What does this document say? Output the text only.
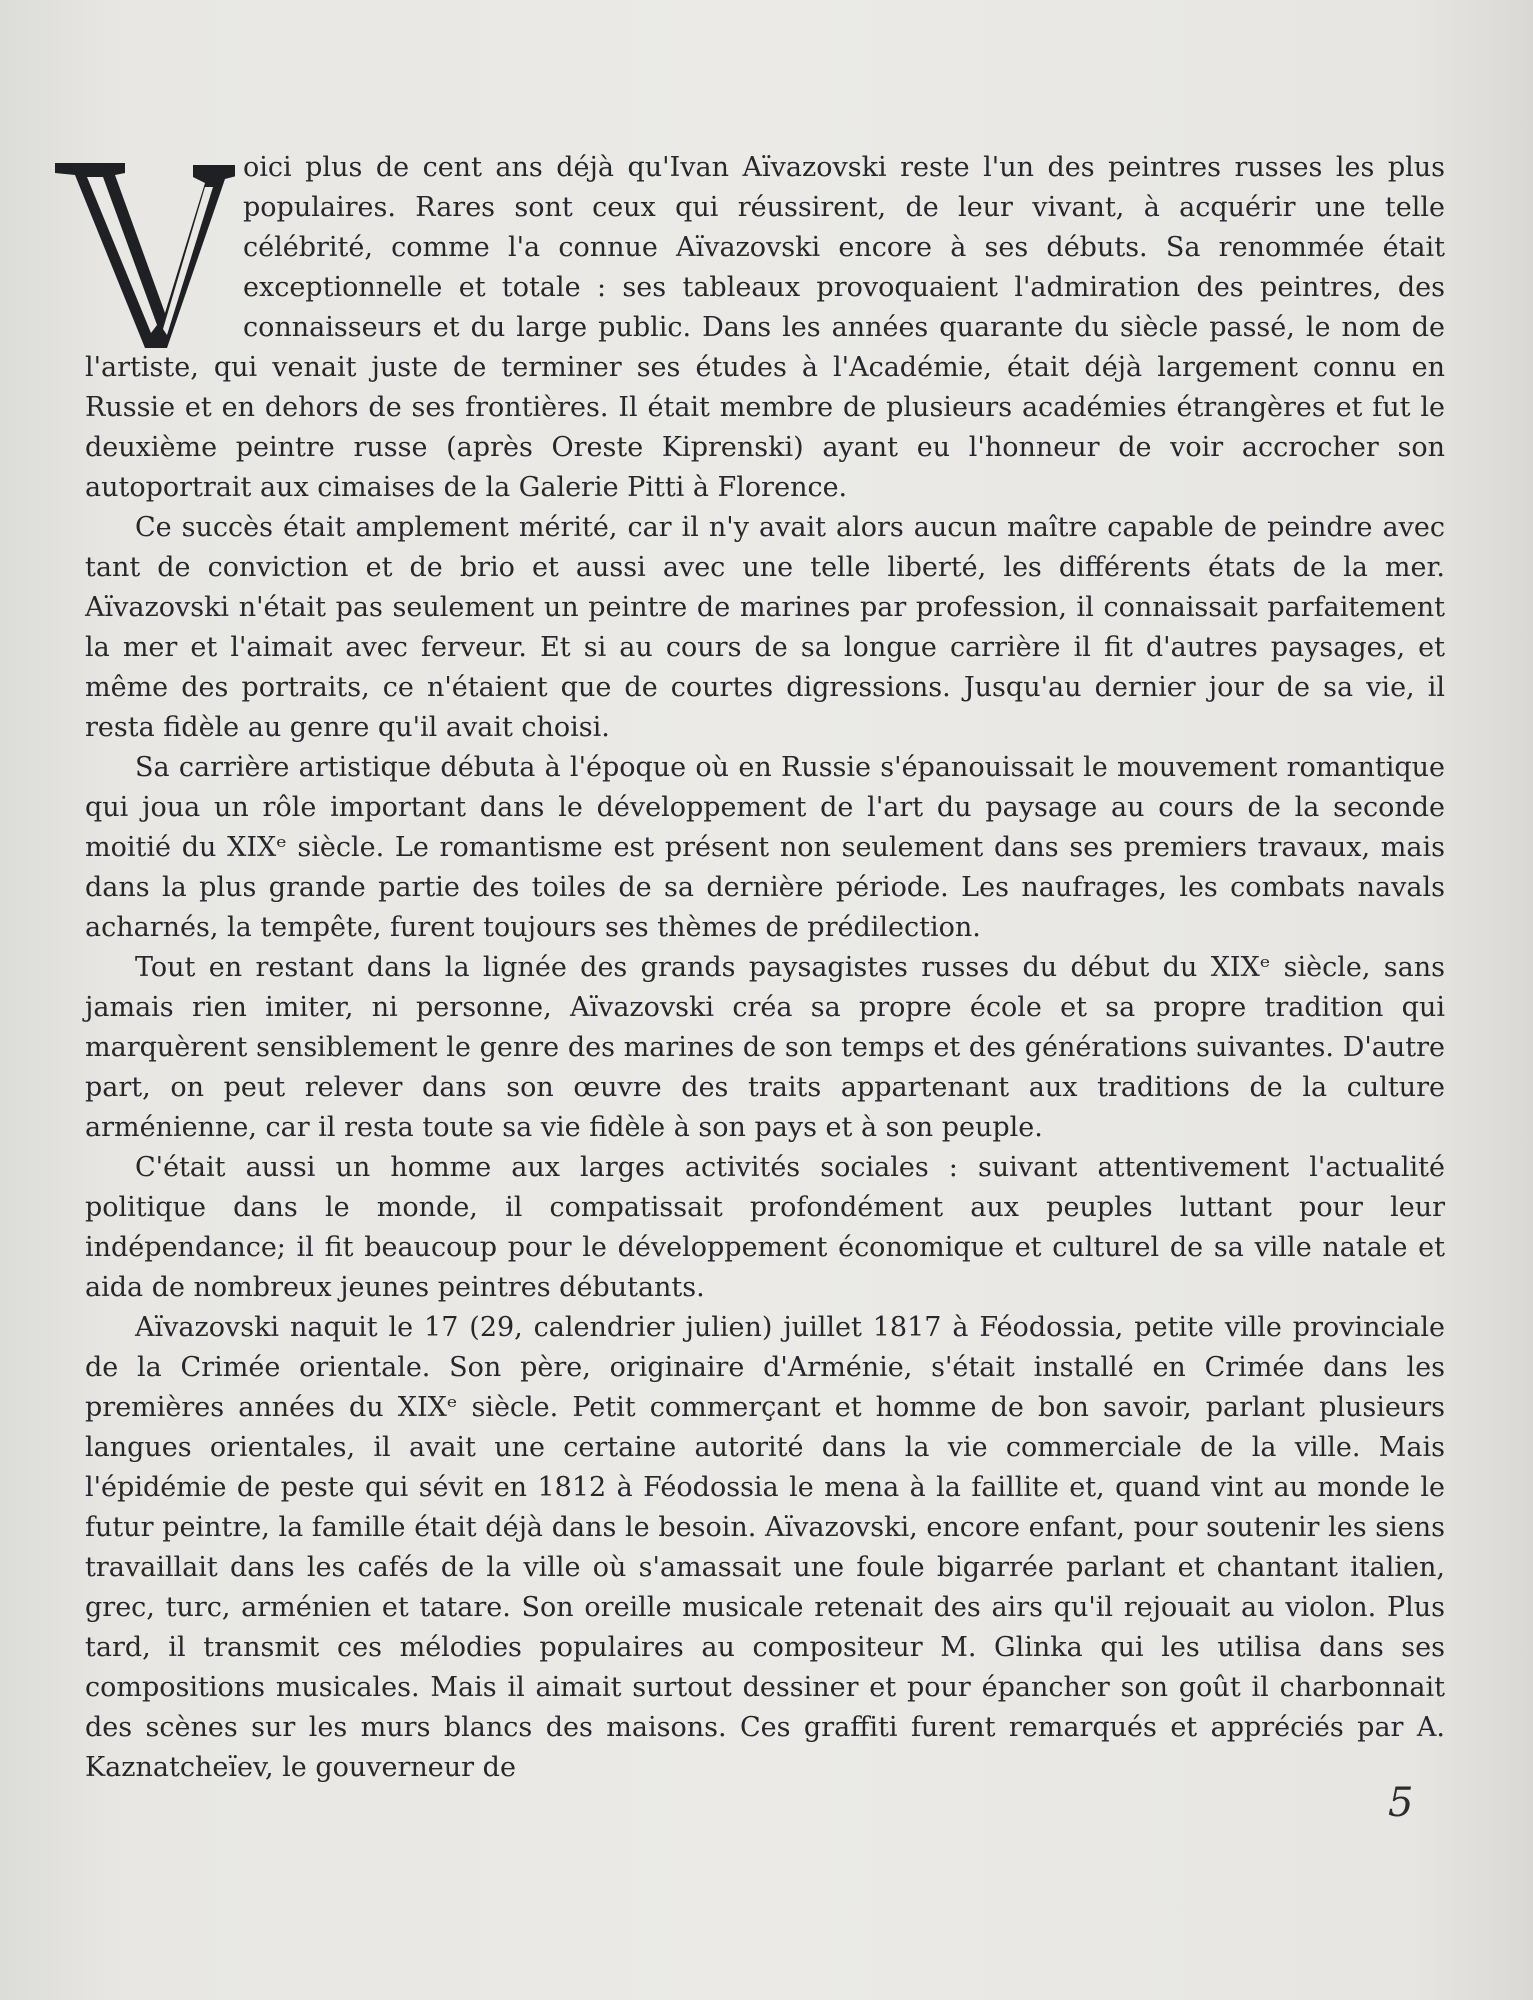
oici plus de cent ans déjà qu'Ivan Aïvazovski reste l'un des peintres russes les plus populaires. Rares sont ceux qui réussirent, de leur vivant, à acquérir une telle célébrité, comme l'a connue Aïvazovski encore à ses débuts. Sa renommée était exceptionnelle et totale : ses tableaux provoquaient l'admiration des peintres, des connaisseurs et du large public. Dans les années quarante du siècle passé, le nom de l'artiste, qui venait juste de terminer ses études à l'Académie, était déjà largement connu en Russie et en dehors de ses frontières. Il était membre de plusieurs académies étrangères et fut le deuxième peintre russe (après Oreste Kiprenski) ayant eu l'honneur de voir accrocher son autoportrait aux cimaises de la Galerie Pitti à Florence.

Ce succès était amplement mérité, car il n'y avait alors aucun maître capable de peindre avec tant de conviction et de brio et aussi avec une telle liberté, les différents états de la mer. Aïvazovski n'était pas seulement un peintre de marines par profession, il connaissait parfaitement la mer et l'aimait avec ferveur. Et si au cours de sa longue carrière il fit d'autres paysages, et même des portraits, ce n'étaient que de courtes digressions. Jusqu'au dernier jour de sa vie, il resta fidèle au genre qu'il avait choisi.

Sa carrière artistique débuta à l'époque où en Russie s'épanouissait le mouvement romantique qui joua un rôle important dans le développement de l'art du paysage au cours de la seconde moitié du XIXᵉ siècle. Le romantisme est présent non seulement dans ses premiers travaux, mais dans la plus grande partie des toiles de sa dernière période. Les naufrages, les combats navals acharnés, la tempête, furent toujours ses thèmes de prédilection.

Tout en restant dans la lignée des grands paysagistes russes du début du XIXᵉ siècle, sans jamais rien imiter, ni personne, Aïvazovski créa sa propre école et sa propre tradition qui marquèrent sensiblement le genre des marines de son temps et des générations suivantes. D'autre part, on peut relever dans son œuvre des traits appartenant aux traditions de la culture arménienne, car il resta toute sa vie fidèle à son pays et à son peuple.

C'était aussi un homme aux larges activités sociales : suivant attentivement l'actualité politique dans le monde, il compatissait profondément aux peuples luttant pour leur indépendance; il fit beaucoup pour le développement économique et culturel de sa ville natale et aida de nombreux jeunes peintres débutants.

Aïvazovski naquit le 17 (29, calendrier julien) juillet 1817 à Féodossia, petite ville provinciale de la Crimée orientale. Son père, originaire d'Arménie, s'était installé en Crimée dans les premières années du XIXᵉ siècle. Petit commerçant et homme de bon savoir, parlant plusieurs langues orientales, il avait une certaine autorité dans la vie commerciale de la ville. Mais l'épidémie de peste qui sévit en 1812 à Féodossia le mena à la faillite et, quand vint au monde le futur peintre, la famille était déjà dans le besoin. Aïvazovski, encore enfant, pour soutenir les siens travaillait dans les cafés de la ville où s'amassait une foule bigarrée parlant et chantant italien, grec, turc, arménien et tatare. Son oreille musicale retenait des airs qu'il rejouait au violon. Plus tard, il transmit ces mélodies populaires au compositeur M. Glinka qui les utilisa dans ses compositions musicales. Mais il aimait surtout dessiner et pour épancher son goût il charbonnait des scènes sur les murs blancs des maisons. Ces graffiti furent remarqués et appréciés par A. Kaznatcheïev, le gouverneur de

5
